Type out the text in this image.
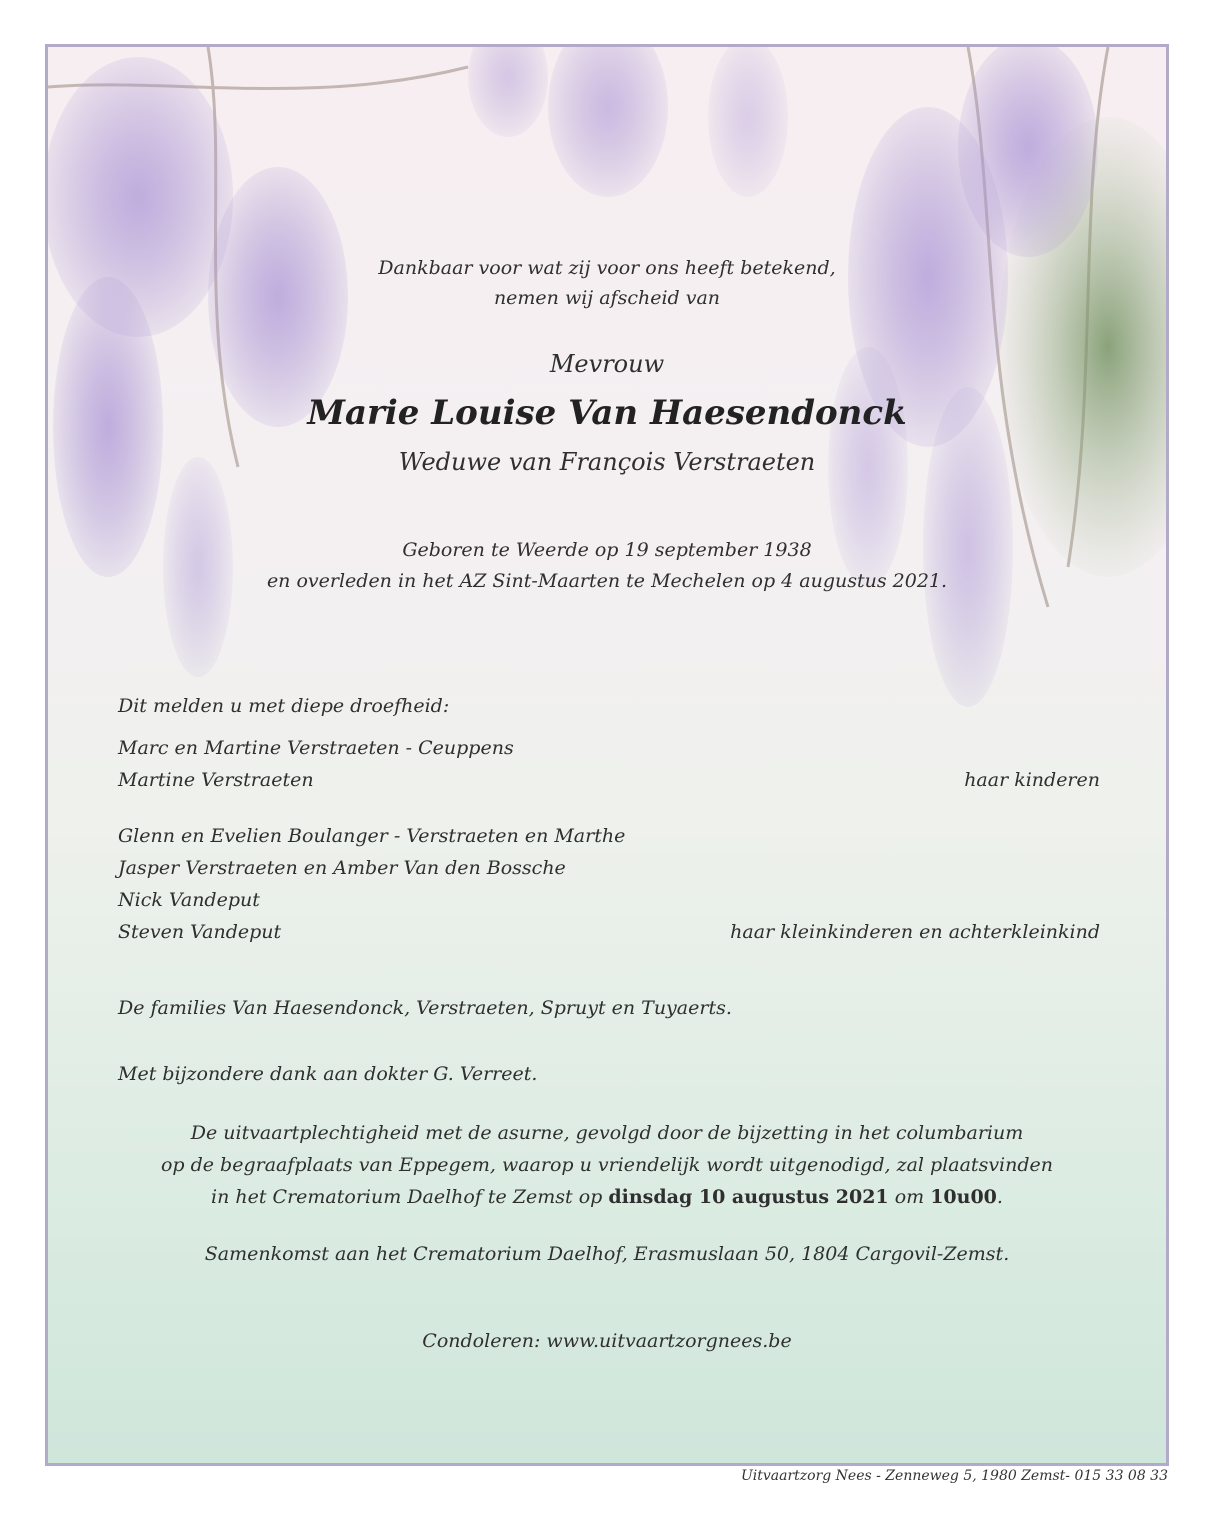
Dankbaar voor wat zij voor ons heeft betekend,
nemen wij afscheid van
Mevrouw
Marie Louise Van Haesendonck
Weduwe van François Verstraeten
Geboren te Weerde op 19 september 1938
en overleden in het AZ Sint-Maarten te Mechelen op 4 augustus 2021.
Dit melden u met diepe droefheid:
Marc en Martine Verstraeten - Ceuppens
Martine Verstraeten	haar kinderen
Glenn en Evelien Boulanger - Verstraeten en Marthe
Jasper Verstraeten en Amber Van den Bossche
Nick Vandeput
Steven Vandeput	haar kleinkinderen en achterkleinkind
De families Van Haesendonck, Verstraeten, Spruyt en Tuyaerts.
Met bijzondere dank aan dokter G. Verreet.
De uitvaartplechtigheid met de asurne, gevolgd door de bijzetting in het columbarium
op de begraafplaats van Eppegem, waarop u vriendelijk wordt uitgenodigd, zal plaatsvinden
in het Crematorium Daelhof te Zemst op dinsdag 10 augustus 2021 om 10u00.
Samenkomst aan het Crematorium Daelhof, Erasmuslaan 50, 1804 Cargovil-Zemst.
Condoleren: www.uitvaartzorgnees.be
Uitvaartzorg Nees - Zenneweg 5, 1980 Zemst- 015 33 08 33
